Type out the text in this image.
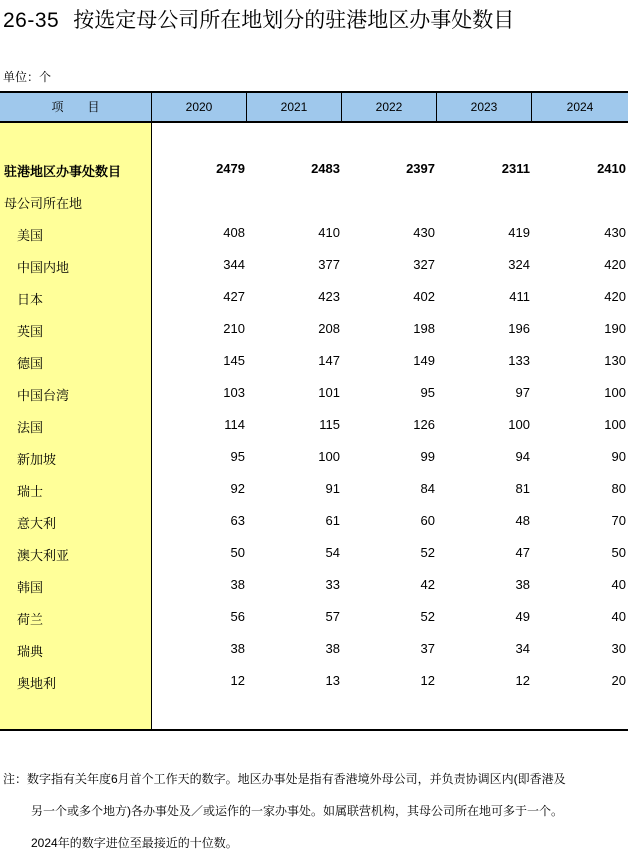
26-35 按选定母公司所在地划分的驻港地区办事处数目
单位：个
项　　目	2020	2021	2022	2023	2024
驻港地区办事处数目	2479	2483	2397	2311	2410
母公司所在地
美国	408	410	430	419	430
中国内地	344	377	327	324	420
日本	427	423	402	411	420
英国	210	208	198	196	190
德国	145	147	149	133	130
中国台湾	103	101	95	97	100
法国	114	115	126	100	100
新加坡	95	100	99	94	90
瑞士	92	91	84	81	80
意大利	63	61	60	48	70
澳大利亚	50	54	52	47	50
韩国	38	33	42	38	40
荷兰	56	57	52	49	40
瑞典	38	38	37	34	30
奥地利	12	13	12	12	20
注：数字指有关年度6月首个工作天的数字。地区办事处是指有香港境外母公司，并负责协调区内(即香港及
另一个或多个地方)各办事处及／或运作的一家办事处。如属联营机构，其母公司所在地可多于一个。
2024年的数字进位至最接近的十位数。
